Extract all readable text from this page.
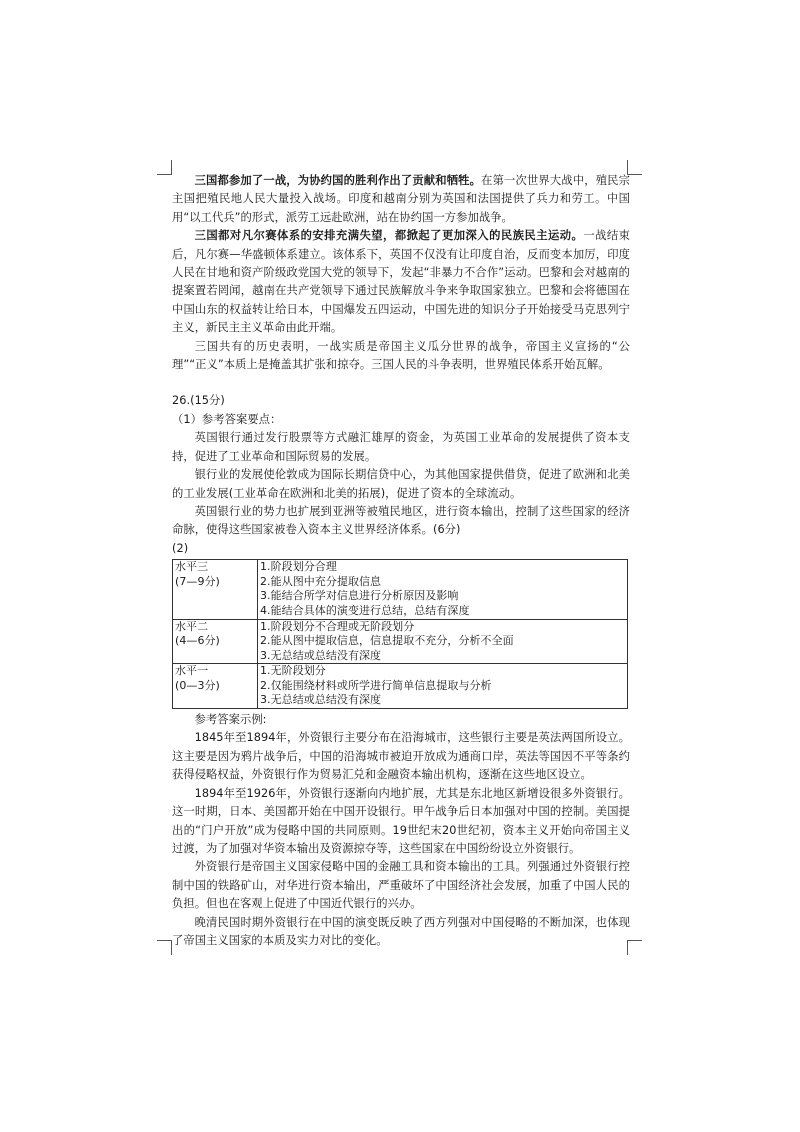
三国都参加了一战，为协约国的胜利作出了贡献和牺牲。在第一次世界大战中，殖民宗主国把殖民地人民大量投入战场。印度和越南分别为英国和法国提供了兵力和劳工。中国用“以工代兵”的形式，派劳工远赴欧洲，站在协约国一方参加战争。

三国都对凡尔赛体系的安排充满失望，都掀起了更加深入的民族民主运动。一战结束后，凡尔赛—华盛顿体系建立。该体系下，英国不仅没有让印度自治，反而变本加厉，印度人民在甘地和资产阶级政党国大党的领导下，发起“非暴力不合作”运动。巴黎和会对越南的提案置若罔闻，越南在共产党领导下通过民族解放斗争来争取国家独立。巴黎和会将德国在中国山东的权益转让给日本，中国爆发五四运动，中国先进的知识分子开始接受马克思列宁主义，新民主主义革命由此开端。

三国共有的历史表明，一战实质是帝国主义瓜分世界的战争，帝国主义宣扬的“公理”“正义”本质上是掩盖其扩张和掠夺。三国人民的斗争表明，世界殖民体系开始瓦解。

26.(15分)

（1）参考答案要点：

英国银行通过发行股票等方式融汇雄厚的资金，为英国工业革命的发展提供了资本支持，促进了工业革命和国际贸易的发展。

银行业的发展使伦敦成为国际长期信贷中心，为其他国家提供借贷，促进了欧洲和北美的工业发展(工业革命在欧洲和北美的拓展)，促进了资本的全球流动。

英国银行业的势力也扩展到亚洲等被殖民地区，进行资本输出，控制了这些国家的经济命脉，使得这些国家被卷入资本主义世界经济体系。(6分)

(2)

水平三
(7—9分)	1.阶段划分合理
2.能从图中充分提取信息
3.能结合所学对信息进行分析原因及影响
4.能结合具体的演变进行总结，总结有深度

水平二
(4—6分)	1.阶段划分不合理或无阶段划分
2.能从图中提取信息，信息提取不充分，分析不全面
3.无总结或总结没有深度

水平一
(0—3分)	1.无阶段划分
2.仅能围绕材料或所学进行简单信息提取与分析
3.无总结或总结没有深度

参考答案示例:

1845年至1894年，外资银行主要分布在沿海城市，这些银行主要是英法两国所设立。这主要是因为鸦片战争后，中国的沿海城市被迫开放成为通商口岸，英法等国因不平等条约获得侵略权益，外资银行作为贸易汇兑和金融资本输出机构，逐渐在这些地区设立。

1894年至1926年，外资银行逐渐向内地扩展，尤其是东北地区新增设很多外资银行。这一时期，日本、美国都开始在中国开设银行。甲午战争后日本加强对中国的控制。美国提出的“门户开放”成为侵略中国的共同原则。19世纪末20世纪初，资本主义开始向帝国主义过渡，为了加强对华资本输出及资源掠夺等，这些国家在中国纷纷设立外资银行。

外资银行是帝国主义国家侵略中国的金融工具和资本输出的工具。列强通过外资银行控制中国的铁路矿山，对华进行资本输出，严重破坏了中国经济社会发展，加重了中国人民的负担。但也在客观上促进了中国近代银行的兴办。

晚清民国时期外资银行在中国的演变既反映了西方列强对中国侵略的不断加深，也体现了帝国主义国家的本质及实力对比的变化。
